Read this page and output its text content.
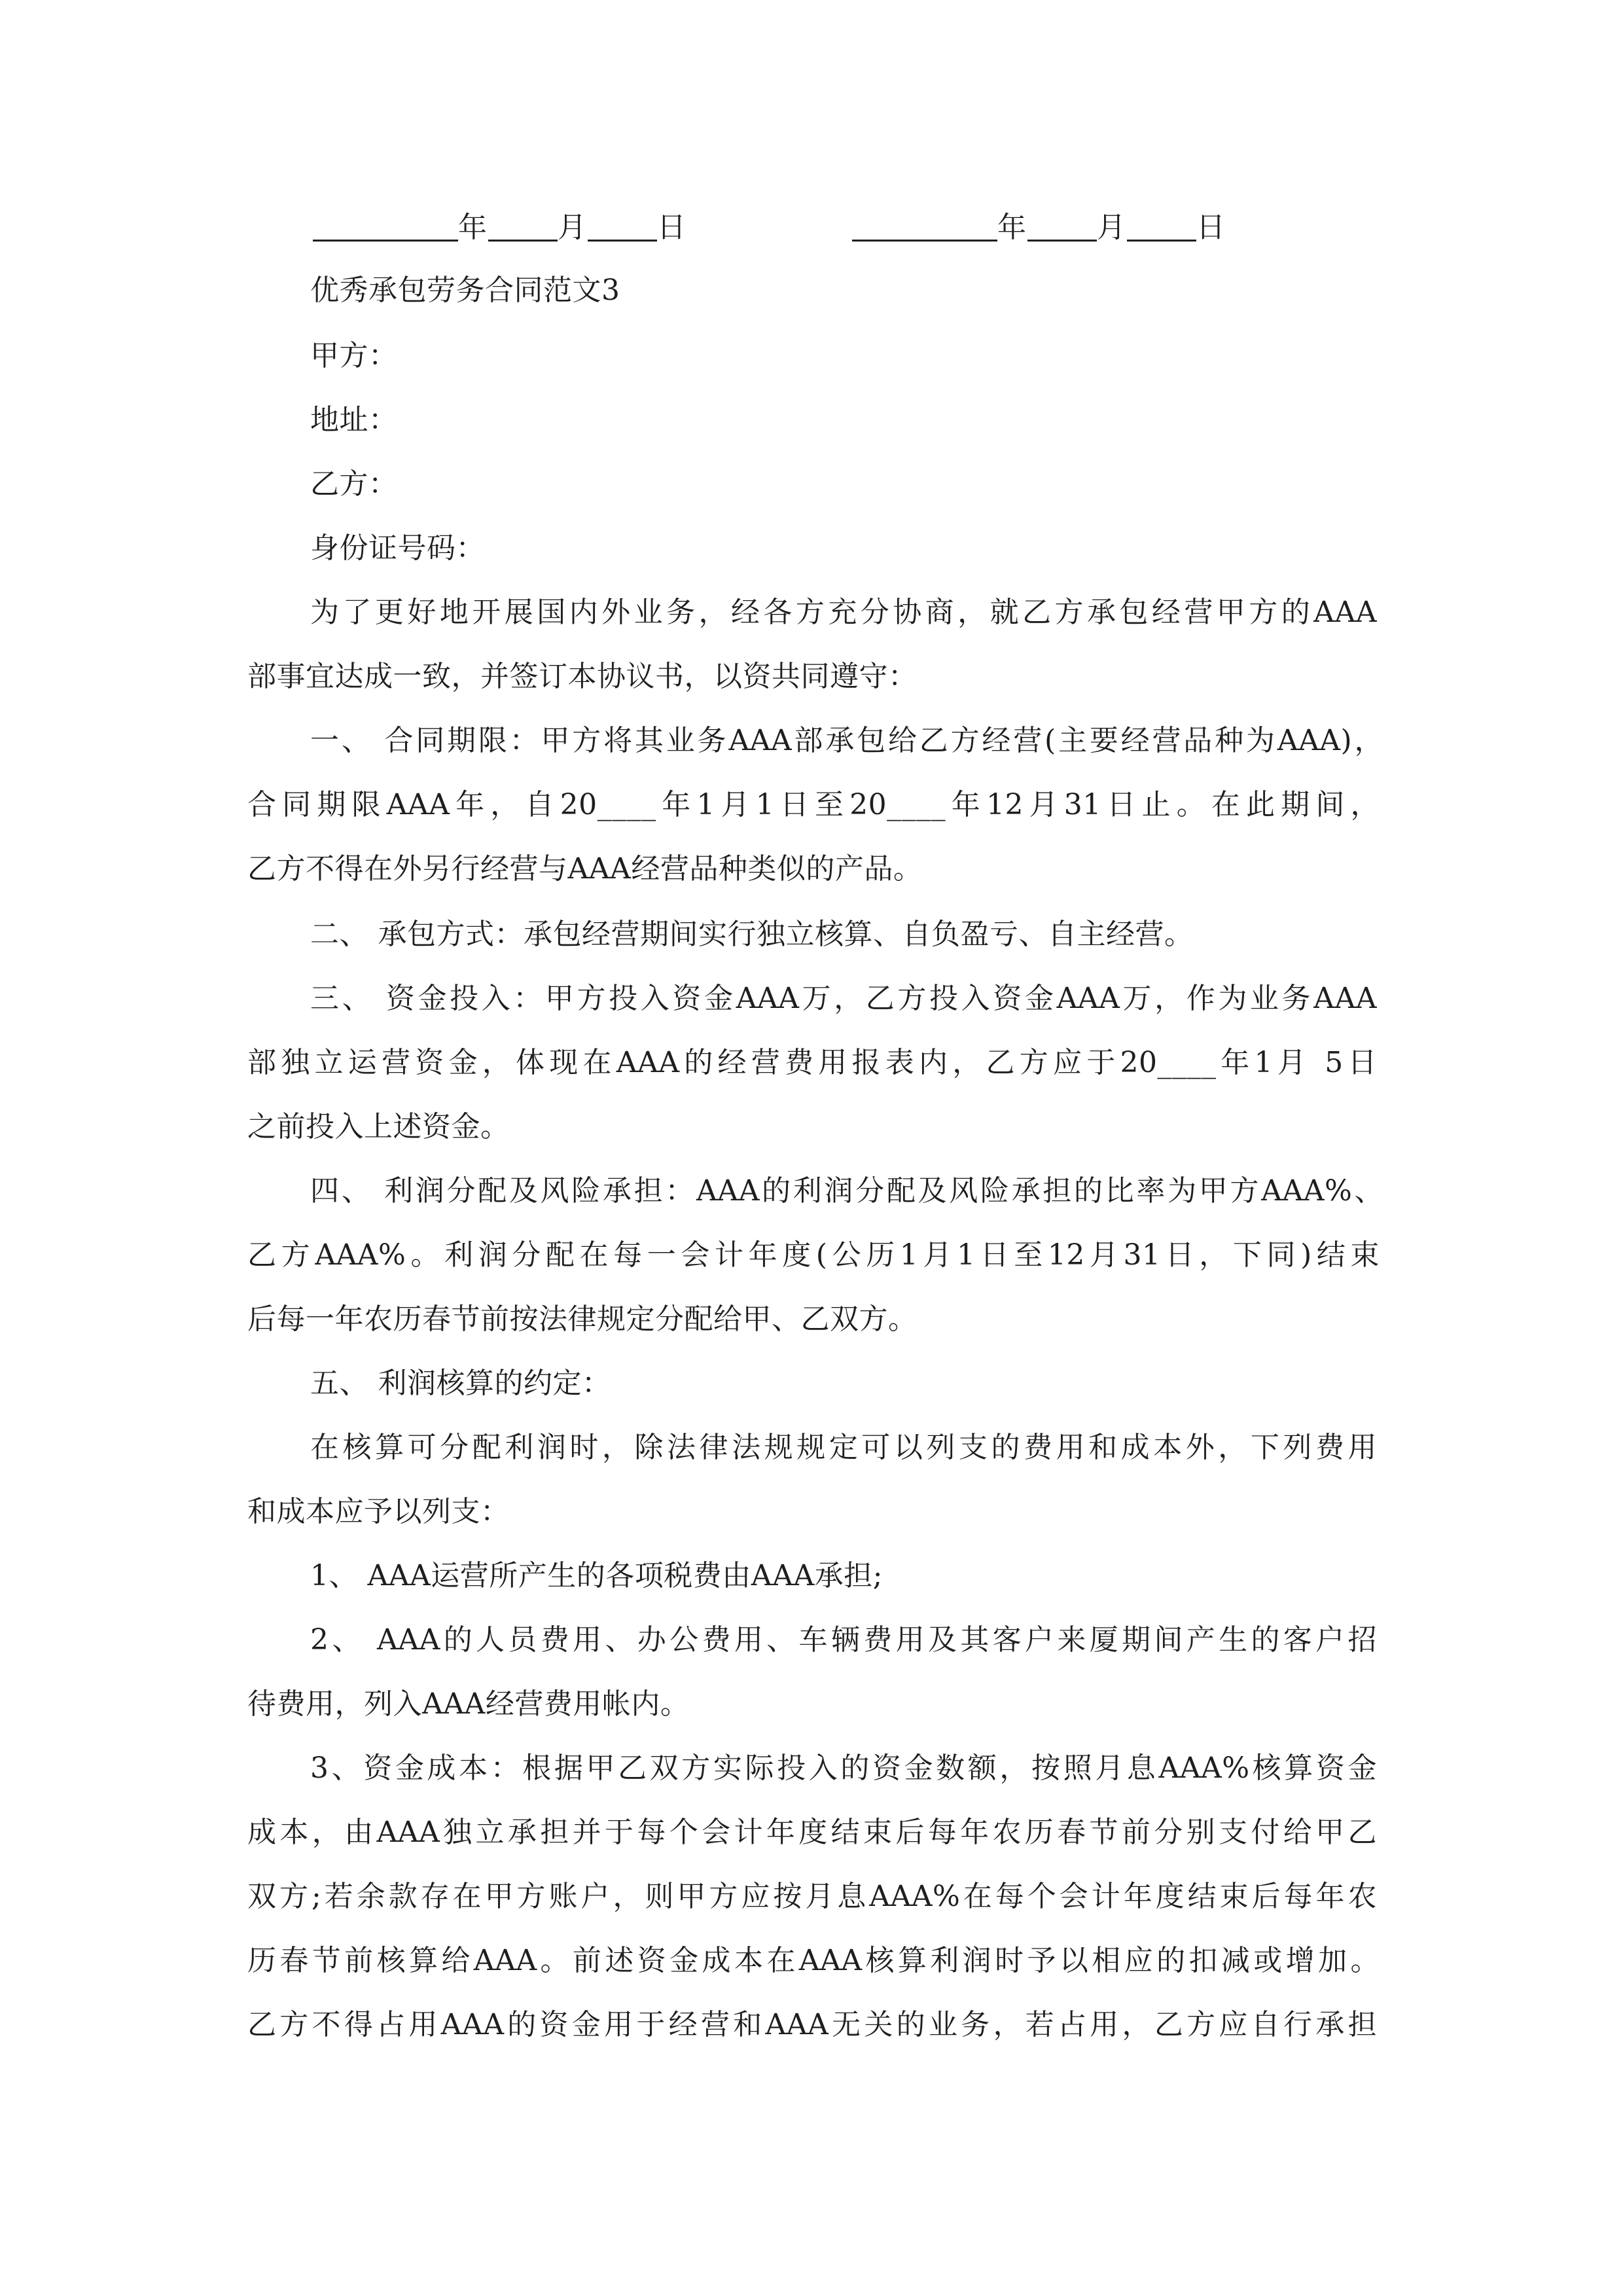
年 月 日	年 月 日
优秀承包劳务合同范文3
甲方：
地址：
乙方：
身份证号码：
为了更好地开展国内外业务，经各方充分协商，就乙方承包经营甲方的AAA
部事宜达成一致，并签订本协议书，以资共同遵守：
一、 合同期限：甲方将其业务AAA部承包给乙方经营(主要经营品种为AAA)，
合同期限AAA年，自20____年1月1日至20____年12月31日止。在此期间，
乙方不得在外另行经营与AAA经营品种类似的产品。
二、 承包方式：承包经营期间实行独立核算、自负盈亏、自主经营。
三、 资金投入：甲方投入资金AAA万，乙方投入资金AAA万，作为业务AAA
部独立运营资金，体现在AAA的经营费用报表内，乙方应于20____年1月 5日
之前投入上述资金。
四、 利润分配及风险承担：AAA的利润分配及风险承担的比率为甲方AAA%、
乙方AAA%。利润分配在每一会计年度(公历1月1日至12月31日，下同)结束
后每一年农历春节前按法律规定分配给甲、乙双方。
五、 利润核算的约定：
在核算可分配利润时，除法律法规规定可以列支的费用和成本外，下列费用
和成本应予以列支：
1、 AAA运营所产生的各项税费由AAA承担;
2、 AAA的人员费用、办公费用、车辆费用及其客户来厦期间产生的客户招
待费用，列入AAA经营费用帐内。
3、资金成本：根据甲乙双方实际投入的资金数额，按照月息AAA%核算资金
成本，由AAA独立承担并于每个会计年度结束后每年农历春节前分别支付给甲乙
双方;若余款存在甲方账户，则甲方应按月息AAA%在每个会计年度结束后每年农
历春节前核算给AAA。前述资金成本在AAA核算利润时予以相应的扣减或增加。
乙方不得占用AAA的资金用于经营和AAA无关的业务，若占用，乙方应自行承担
